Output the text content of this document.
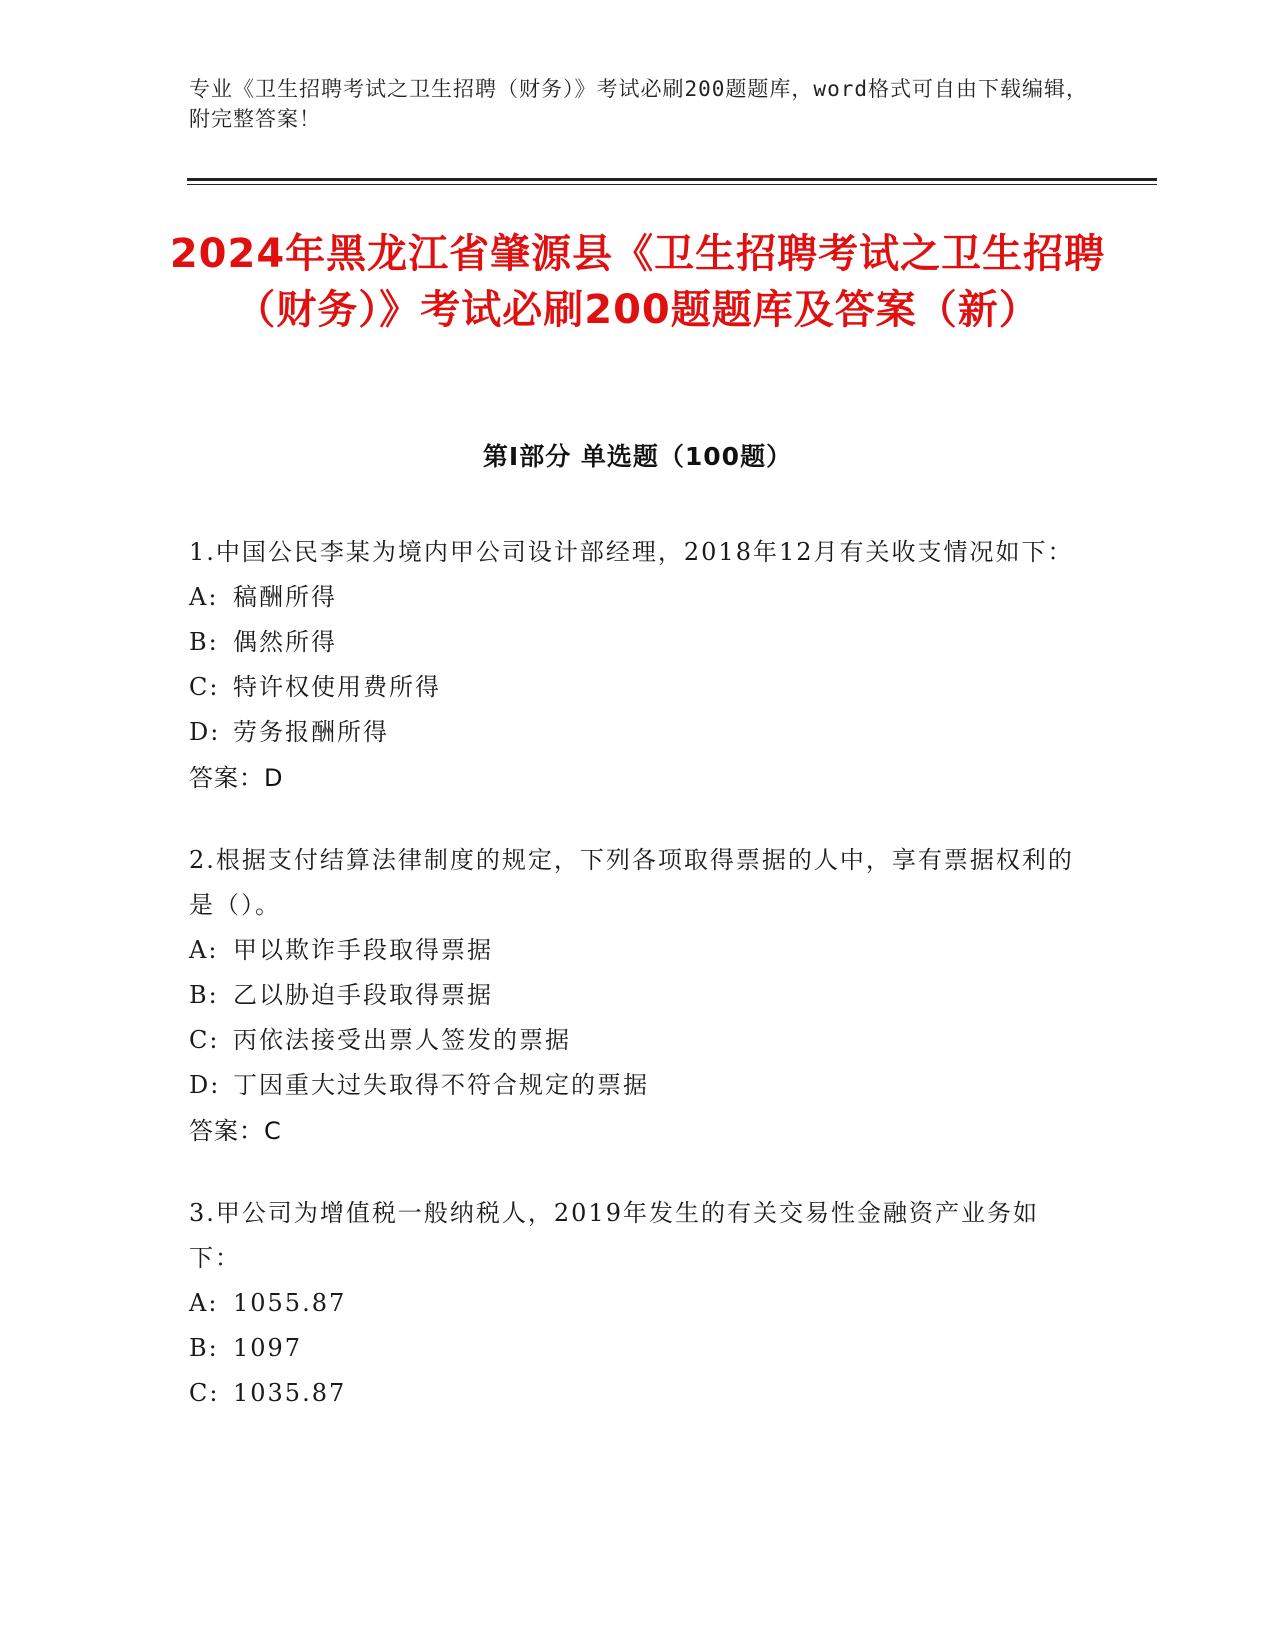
专业《卫生招聘考试之卫生招聘（财务）》考试必刷200题题库，word格式可自由下载编辑，附完整答案！
2024年黑龙江省肇源县《卫生招聘考试之卫生招聘（财务）》考试必刷200题题库及答案（新）
第I部分 单选题（100题）

1.中国公民李某为境内甲公司设计部经理，2018年12月有关收支情况如下：

A: 稿酬所得
B: 偶然所得
C: 特许权使用费所得
D: 劳务报酬所得
答案：D

2.根据支付结算法律制度的规定，下列各项取得票据的人中，享有票据权利的是（）。

A: 甲以欺诈手段取得票据
B: 乙以胁迫手段取得票据
C: 丙依法接受出票人签发的票据
D: 丁因重大过失取得不符合规定的票据
答案：C

3.甲公司为增值税一般纳税人，2019年发生的有关交易性金融资产业务如下：

A: 1055.87
B: 1097
C: 1035.87
